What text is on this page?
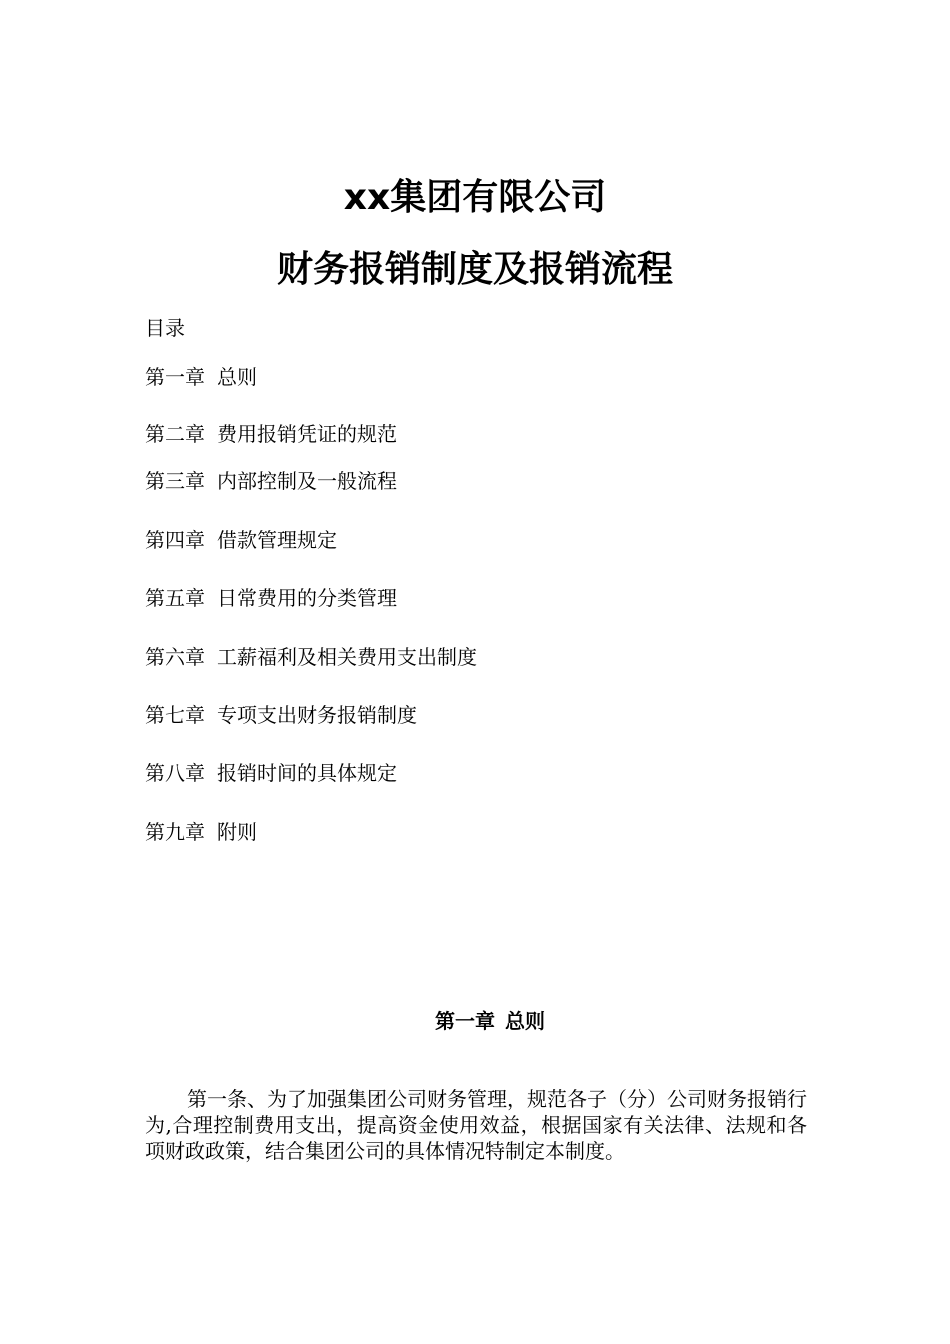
xx集团有限公司
财务报销制度及报销流程
目录
第一章 总则
第二章 费用报销凭证的规范
第三章 内部控制及一般流程
第四章 借款管理规定
第五章 日常费用的分类管理
第六章 工薪福利及相关费用支出制度
第七章 专项支出财务报销制度
第八章 报销时间的具体规定
第九章 附则
第一章 总则

第一条、为了加强集团公司财务管理，规范各子（分）公司财务报销行为,合理控制费用支出，提高资金使用效益，根据国家有关法律、法规和各项财政政策，结合集团公司的具体情况特制定本制度。
